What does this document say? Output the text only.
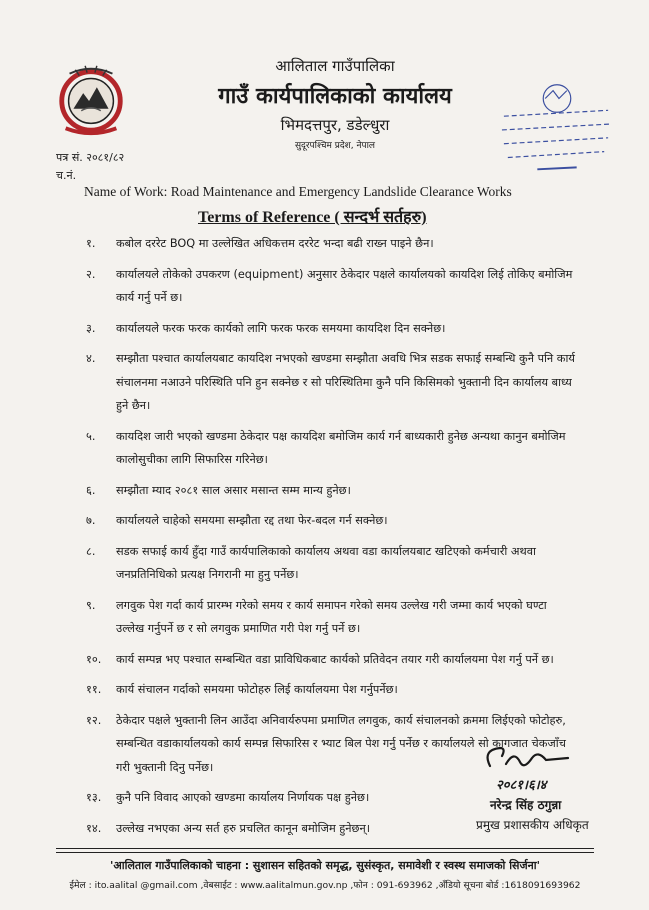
आलिताल गाउँपालिका
गाउँ कार्यपालिकाको कार्यालय
भिमदत्तपुर, डडेल्धुरा
सुदूरपश्चिम प्रदेश, नेपाल
पत्र सं. २०८१/८२
च.नं.
Name of Work: Road Maintenance and Emergency Landslide Clearance Works
Terms of Reference ( सन्दर्भ सर्तहरु)
१. कबोल दररेट BOQ मा उल्लेखित अधिकत्तम दररेट भन्दा बढी राख्न पाइने छैन।
२. कार्यालयले तोकेको उपकरण (equipment) अनुसार ठेकेदार पक्षले कार्यालयको कायदिश लिई तोकिए बमोजिम कार्य गर्नु पर्ने छ।
३. कार्यालयले फरक फरक कार्यको लागि फरक फरक समयमा कायदिश दिन सक्नेछ।
४. सम्झौता पश्चात कार्यालयबाट कायदिश नभएको खण्डमा सम्झौता अवधि भित्र सडक सफाई सम्बन्धि कुनै पनि कार्य संचालनमा नआउने परिस्थिति पनि हुन सक्नेछ र सो परिस्थितिमा कुनै पनि किसिमको भुक्तानी दिन कार्यालय बाध्य हुने छैन।
५. कायदिश जारी भएको खण्डमा ठेकेदार पक्ष कायदिश बमोजिम कार्य गर्न बाध्यकारी हुनेछ अन्यथा कानुन बमोजिम कालोसुचीका लागि सिफारिस गरिनेछ।
६. सम्झौता म्याद २०८१ साल असार मसान्त सम्म मान्य हुनेछ।
७. कार्यालयले चाहेको समयमा सम्झौता रद्द तथा फेर-बदल गर्न सक्नेछ।
८. सडक सफाई कार्य हुँदा गाउँ कार्यपालिकाको कार्यालय अथवा वडा कार्यालयबाट खटिएको कर्मचारी अथवा जनप्रतिनिधिको प्रत्यक्ष निगरानी मा हुनु पर्नेछ।
९. लगवुक पेश गर्दा कार्य प्रारम्भ गरेको समय र कार्य समापन गरेको समय उल्लेख गरी जम्मा कार्य भएको घण्टा उल्लेख गर्नुपर्ने छ र सो लगवुक प्रमाणित गरी पेश गर्नु पर्ने छ।
१०. कार्य सम्पन्न भए पश्चात सम्बन्धित वडा प्राविधिकबाट कार्यको प्रतिवेदन तयार गरी कार्यालयमा पेश गर्नु पर्ने छ।
११. कार्य संचालन गर्दाको समयमा फोटोहरु लिई कार्यालयमा पेश गर्नुपर्नेछ।
१२. ठेकेदार पक्षले भुक्तानी लिन आउँदा अनिवार्यरुपमा प्रमाणित लगवुक, कार्य संचालनको क्रममा लिईएको फोटोहरु, सम्बन्धित वडाकार्यालयको कार्य सम्पन्न सिफारिस र भ्याट बिल पेश गर्नु पर्नेछ र कार्यालयले सो कागजात चेकजाँच गरी भुक्तानी दिनु पर्नेछ।
१३. कुनै पनि विवाद आएको खण्डमा कार्यालय निर्णायक पक्ष हुनेछ।
१४. उल्लेख नभएका अन्य सर्त हरु प्रचलित कानून बमोजिम हुनेछन्।
२०८१।६।४
नरेन्द्र सिंह ठगुन्ना
प्रमुख प्रशासकीय अधिकृत
'आलिताल गाउँपालिकाको चाहना : सुशासन सहितको समृद्ध, सुसंस्कृत, समावेशी र स्वस्थ समाजको सिर्जना'
ईमेल : ito.aalital @gmail.com ,वेबसाईट : www.aalitalmun.gov.np ,फोन : 091-693962 ,अँडियो सूचना बोर्ड :1618091693962
